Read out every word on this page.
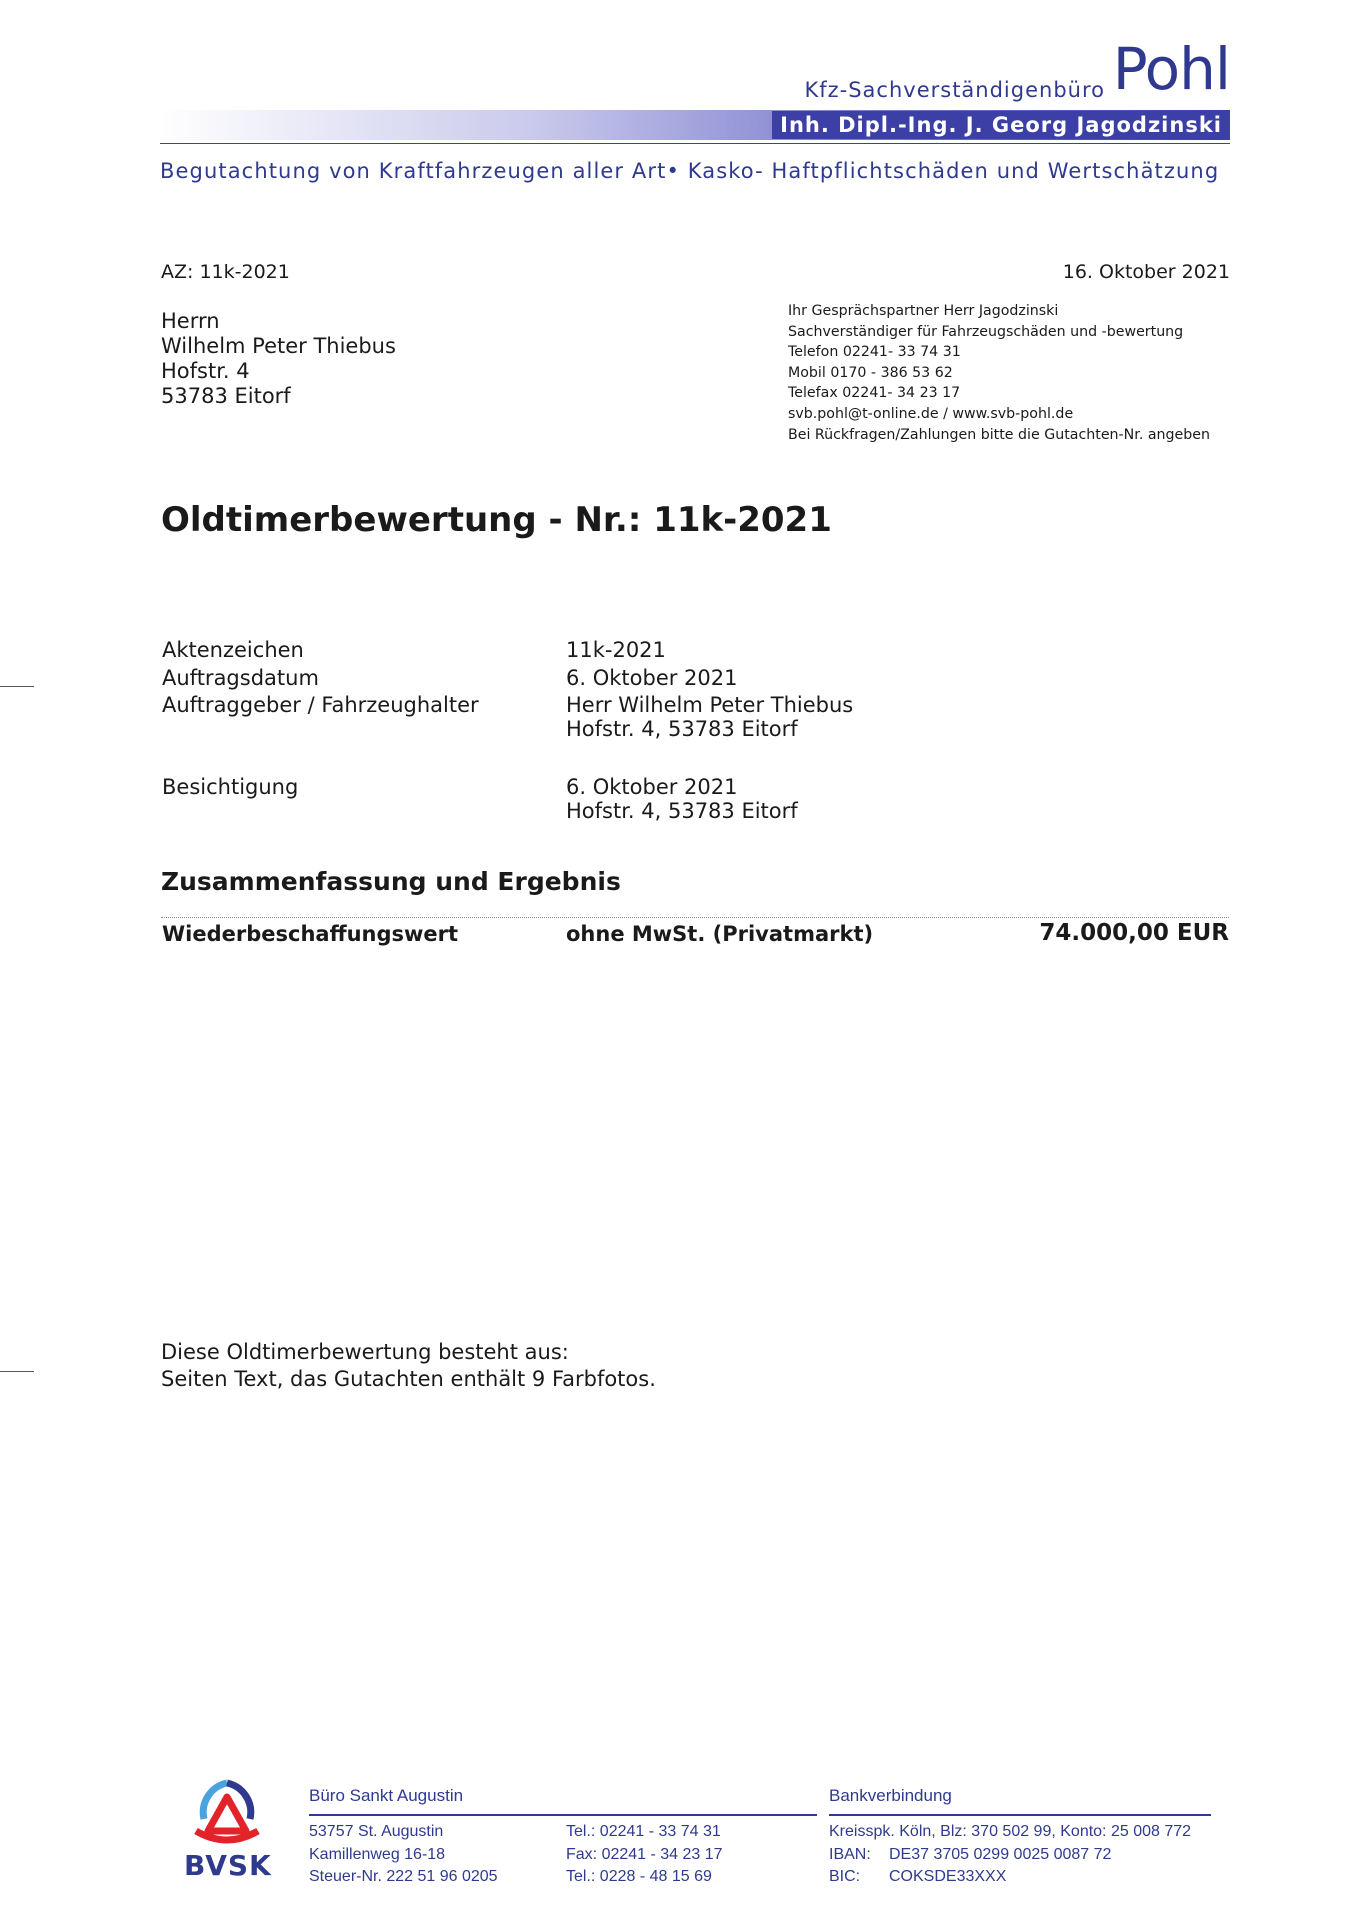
Pohl
Kfz-Sachverständigenbüro
Inh. Dipl.-Ing. J. Georg Jagodzinski
Begutachtung von Kraftfahrzeugen aller Art• Kasko- Haftpflichtschäden und Wertschätzung
AZ: 11k-2021	16. Oktober 2021
Herrn
Wilhelm Peter Thiebus
Hofstr. 4
53783 Eitorf
Ihr Gesprächspartner Herr Jagodzinski
Sachverständiger für Fahrzeugschäden und -bewertung
Telefon 02241- 33 74 31
Mobil 0170 - 386 53 62
Telefax 02241- 34 23 17
svb.pohl@t-online.de / www.svb-pohl.de
Bei Rückfragen/Zahlungen bitte die Gutachten-Nr. angeben
Oldtimerbewertung - Nr.: 11k-2021
Aktenzeichen	11k-2021
Auftragsdatum	6. Oktober 2021
Auftraggeber / Fahrzeughalter	Herr Wilhelm Peter Thiebus
Hofstr. 4, 53783 Eitorf
Besichtigung	6. Oktober 2021
Hofstr. 4, 53783 Eitorf
Zusammenfassung und Ergebnis
Wiederbeschaffungswert	ohne MwSt. (Privatmarkt)	74.000,00 EUR
Diese Oldtimerbewertung besteht aus:
Seiten Text, das Gutachten enthält 9 Farbfotos.
BVSK
Büro Sankt Augustin
53757 St. Augustin
Kamillenweg 16-18
Steuer-Nr. 222 51 96 0205
Tel.: 02241 - 33 74 31
Fax: 02241 - 34 23 17
Tel.: 0228 - 48 15 69
Bankverbindung
Kreisspk. Köln, Blz: 370 502 99, Konto: 25 008 772
IBAN: DE37 3705 0299 0025 0087 72
BIC: COKSDE33XXX
